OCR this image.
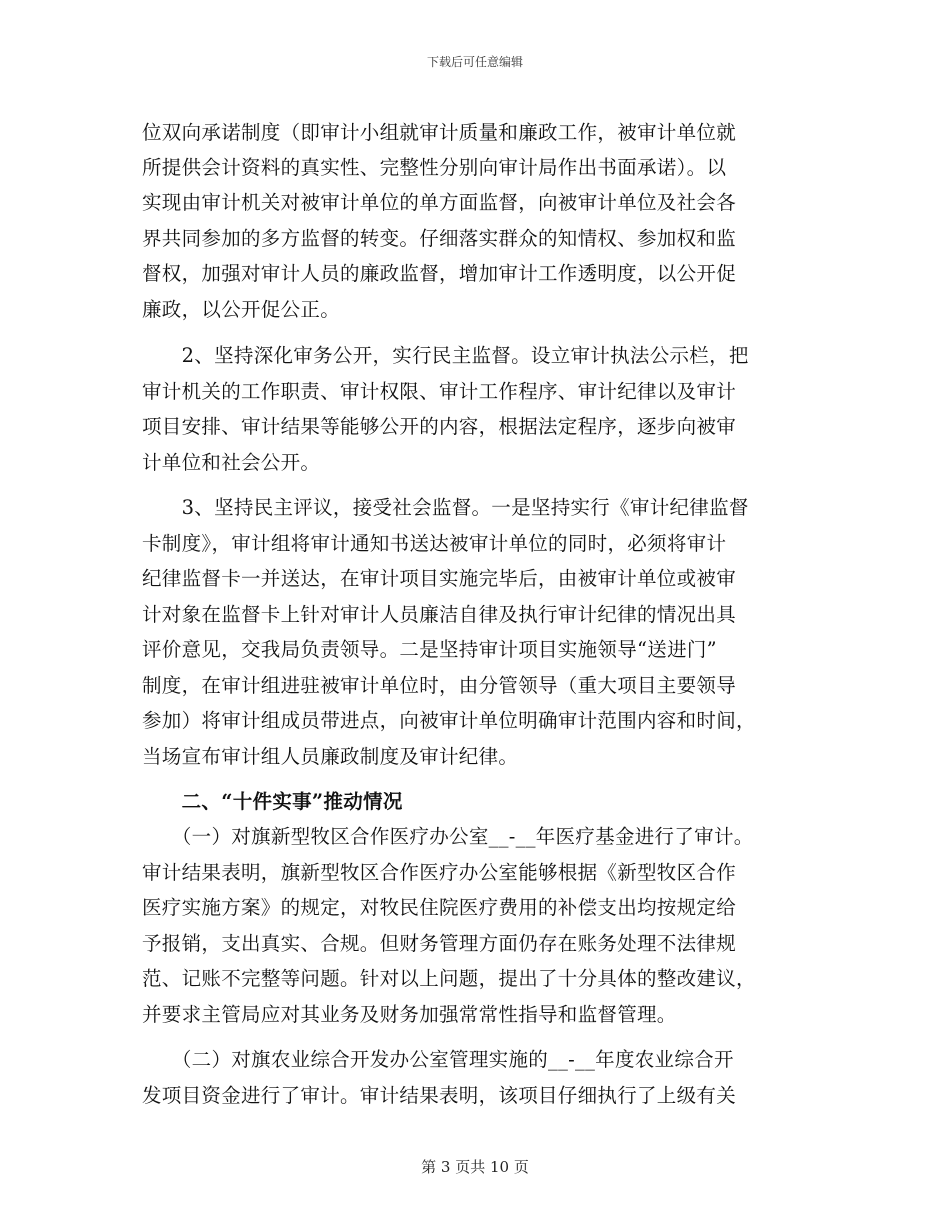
下载后可任意编辑
位双向承诺制度（即审计小组就审计质量和廉政工作，被审计单位就
所提供会计资料的真实性、完整性分别向审计局作出书面承诺）。以
实现由审计机关对被审计单位的单方面监督，向被审计单位及社会各
界共同参加的多方监督的转变。仔细落实群众的知情权、参加权和监
督权，加强对审计人员的廉政监督，增加审计工作透明度，以公开促
廉政，以公开促公正。
　　2、坚持深化审务公开，实行民主监督。设立审计执法公示栏，把
审计机关的工作职责、审计权限、审计工作程序、审计纪律以及审计
项目安排、审计结果等能够公开的内容，根据法定程序，逐步向被审
计单位和社会公开。
　　3、坚持民主评议，接受社会监督。一是坚持实行《审计纪律监督
卡制度》，审计组将审计通知书送达被审计单位的同时，必须将审计
纪律监督卡一并送达，在审计项目实施完毕后，由被审计单位或被审
计对象在监督卡上针对审计人员廉洁自律及执行审计纪律的情况出具
评价意见，交我局负责领导。二是坚持审计项目实施领导“送进门”
制度，在审计组进驻被审计单位时，由分管领导（重大项目主要领导
参加）将审计组成员带进点，向被审计单位明确审计范围内容和时间，
当场宣布审计组人员廉政制度及审计纪律。
　　二、“十件实事”推动情况
　　（一）对旗新型牧区合作医疗办公室__-__年医疗基金进行了审计。
审计结果表明，旗新型牧区合作医疗办公室能够根据《新型牧区合作
医疗实施方案》的规定，对牧民住院医疗费用的补偿支出均按规定给
予报销，支出真实、合规。但财务管理方面仍存在账务处理不法律规
范、记账不完整等问题。针对以上问题，提出了十分具体的整改建议，
并要求主管局应对其业务及财务加强常常性指导和监督管理。
　　（二）对旗农业综合开发办公室管理实施的__-__年度农业综合开
发项目资金进行了审计。审计结果表明，该项目仔细执行了上级有关
第 3 页共 10 页
